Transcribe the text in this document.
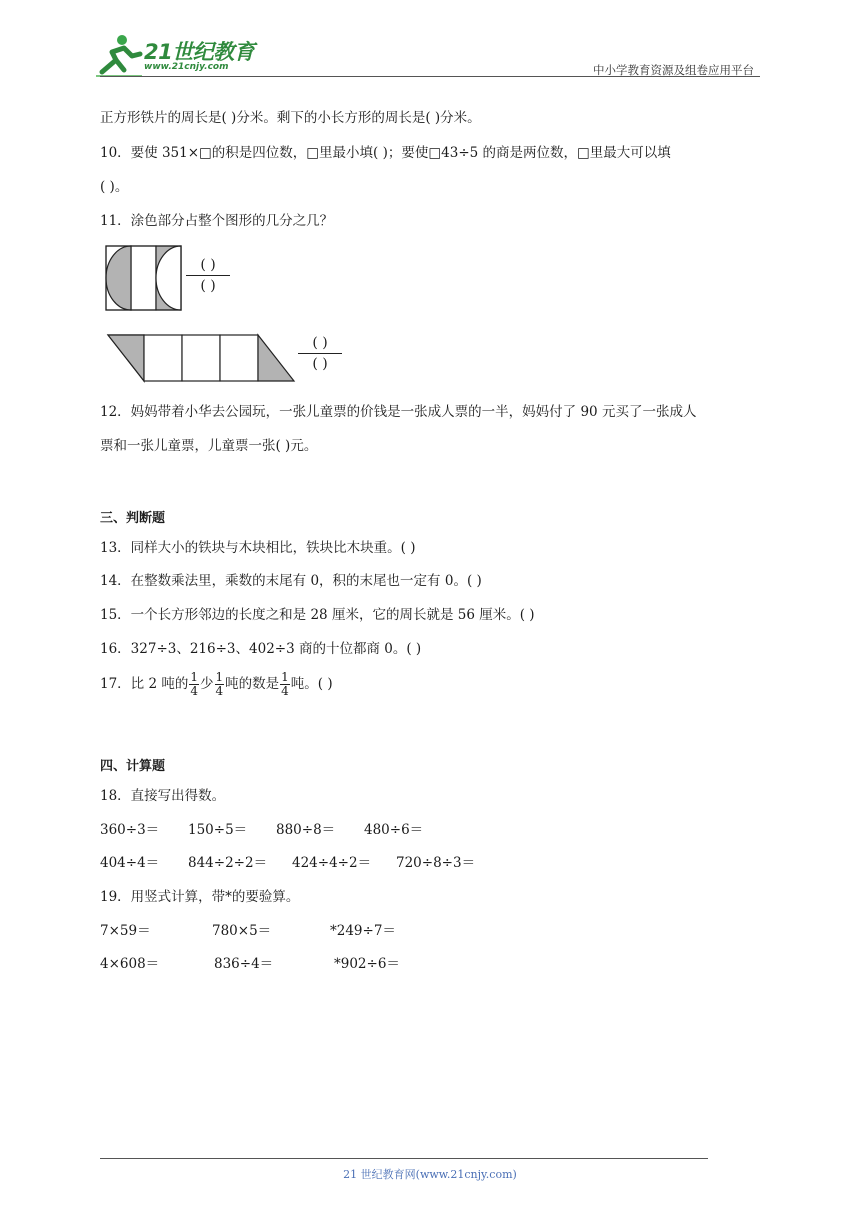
21世纪教育
www.21cnjy.com	中小学教育资源及组卷应用平台
正方形铁片的周长是( )分米。剩下的小长方形的周长是( )分米。
10．要使 351×□的积是四位数，□里最小填( )；要使□43÷5 的商是两位数，□里最大可以填
( )。
11．涂色部分占整个图形的几分之几？
( )
( )
( )
( )
12．妈妈带着小华去公园玩，一张儿童票的价钱是一张成人票的一半，妈妈付了 90 元买了一张成人
票和一张儿童票，儿童票一张( )元。
三、判断题
13．同样大小的铁块与木块相比，铁块比木块重。( )
14．在整数乘法里，乘数的末尾有 0，积的末尾也一定有 0。( )
15．一个长方形邻边的长度之和是 28 厘米，它的周长就是 56 厘米。( )
16．327÷3、216÷3、402÷3 商的十位都商 0。( )
17．比 2 吨的 $\frac{1}{4}$ 少 $\frac{1}{4}$ 吨的数是 $\frac{1}{4}$ 吨。( )
四、计算题
18．直接写出得数。
360÷3＝ 150÷5＝ 880÷8＝ 480÷6＝
404÷4＝ 844÷2÷2＝ 424÷4÷2＝ 720÷8÷3＝
19．用竖式计算，带*的要验算。
7×59＝	780×5＝	*249÷7＝
4×608＝	836÷4＝	*902÷6＝
21 世纪教育网(www.21cnjy.com)
